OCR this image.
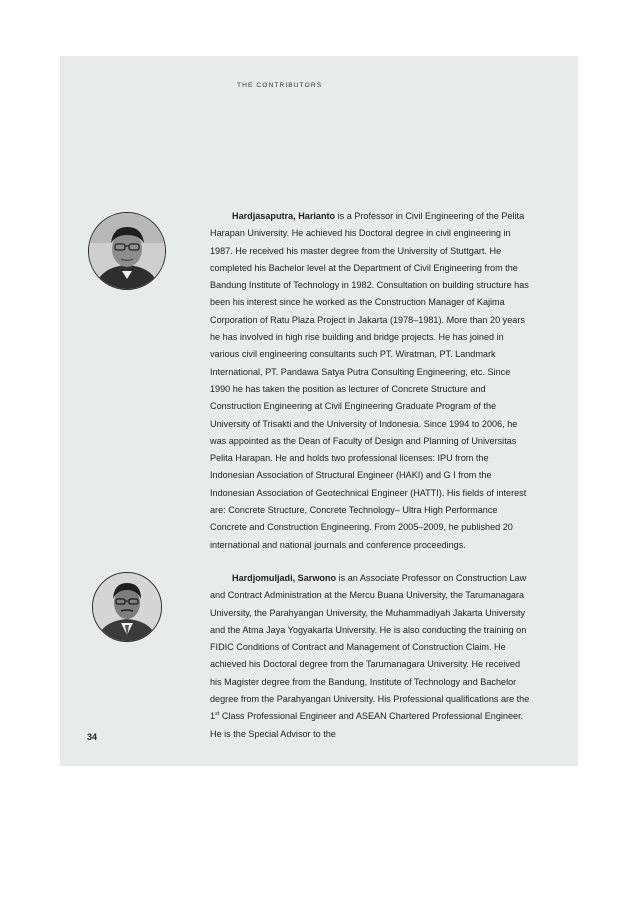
THE CONTRIBUTORS

Hardjasaputra, Harianto is a Professor in Civil Engineering of the Pelita Harapan University. He achieved his Doctoral degree in civil engineering in 1987. He received his master degree from the University of Stuttgart. He completed his Bachelor level at the Department of Civil Engineering from the Bandung Institute of Technology in 1982. Consultation on building structure has been his interest since he worked as the Construction Manager of Kajima Corporation of Ratu Plaza Project in Jakarta (1978–1981). More than 20 years he has involved in high rise building and bridge projects. He has joined in various civil engineering consultants such PT. Wiratman, PT. Landmark International, PT. Pandawa Satya Putra Consulting Engineering, etc. Since 1990 he has taken the position as lecturer of Concrete Structure and Construction Engineering at Civil Engineering Graduate Program of the University of Trisakti and the University of Indonesia. Since 1994 to 2006, he was appointed as the Dean of Faculty of Design and Planning of Universitas Pelita Harapan. He and holds two professional licenses: IPU from the Indonesian Association of Structural Engineer (HAKI) and G I from the Indonesian Association of Geotechnical Engineer (HATTI). His fields of interest are: Concrete Structure, Concrete Technology– Ultra High Performance Concrete and Construction Engineering. From 2005–2009, he published 20 international and national journals and conference proceedings.

Hardjomuljadi, Sarwono is an Associate Professor on Construction Law and Contract Administration at the Mercu Buana University, the Tarumanagara University, the Parahyangan University, the Muhammadiyah Jakarta University and the Atma Jaya Yogyakarta University. He is also conducting the training on FIDIC Conditions of Contract and Management of Construction Claim. He achieved his Doctoral degree from the Tarumanagara University. He received his Magister degree from the Bandung, Institute of Technology and Bachelor degree from the Parahyangan University. His Professional qualifications are the 1st Class Professional Engineer and ASEAN Chartered Professional Engineer. He is the Special Advisor to the

34
